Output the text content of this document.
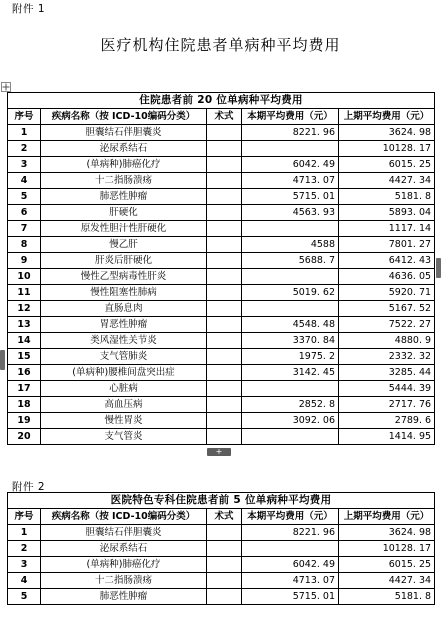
附件 1
医疗机构住院患者单病种平均费用
住院患者前 20 位单病种平均费用				
序号	疾病名称（按 ICD-10编码分类）	术式	本期平均费用（元）	上期平均费用（元）
1	胆囊结石伴胆囊炎		8221. 96	3624. 98
2	泌尿系结石			10128. 17
3	(单病种)肺癌化疗		6042. 49	6015. 25
4	十二指肠溃疡		4713. 07	4427. 34
5	肺恶性肿瘤		5715. 01	5181. 8
6	肝硬化		4563. 93	5893. 04
7	原发性胆汁性肝硬化			1117. 14
8	慢乙肝		4588	7801. 27
9	肝炎后肝硬化		5688. 7	6412. 43
10	慢性乙型病毒性肝炎			4636. 05
11	慢性阻塞性肺病		5019. 62	5920. 71
12	直肠息肉			5167. 52
13	胃恶性肿瘤		4548. 48	7522. 27
14	类风湿性关节炎		3370. 84	4880. 9
15	支气管肺炎		1975. 2	2332. 32
16	(单病种)腰椎间盘突出症		3142. 45	3285. 44
17	心脏病			5444. 39
18	高血压病		2852. 8	2717. 76
19	慢性胃炎		3092. 06	2789. 6
20	支气管炎			1414. 95
+
附件 2
医院特色专科住院患者前 5 位单病种平均费用				
序号	疾病名称（按 ICD-10编码分类）	术式	本期平均费用（元）	上期平均费用（元）
1	胆囊结石伴胆囊炎		8221. 96	3624. 98
2	泌尿系结石			10128. 17
3	(单病种)肺癌化疗		6042. 49	6015. 25
4	十二指肠溃疡		4713. 07	4427. 34
5	肺恶性肿瘤		5715. 01	5181. 8
